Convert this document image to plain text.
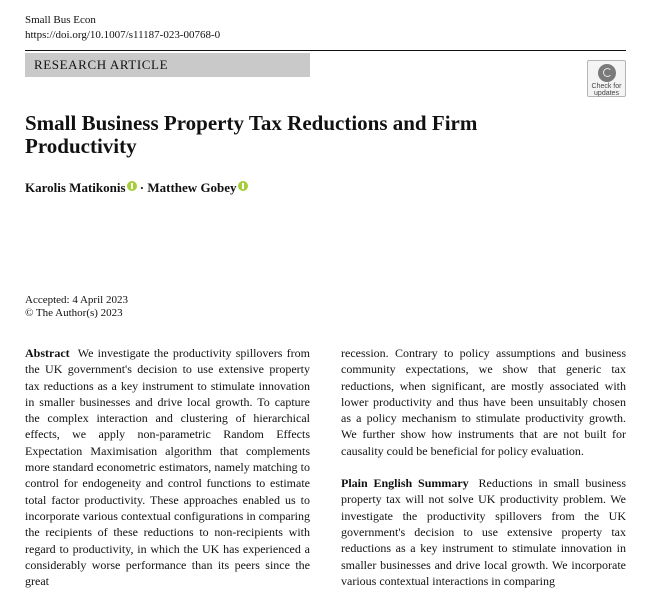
Small Bus Econ
https://doi.org/10.1007/s11187-023-00768-0
RESEARCH ARTICLE
Check for
updates
Small Business Property Tax Reductions and Firm Productivity
Karolis Matikonis · Matthew Gobey
Accepted: 4 April 2023
© The Author(s) 2023

Abstract We investigate the productivity spillovers from the UK government's decision to use extensive property tax reductions as a key instrument to stimulate innovation in smaller businesses and drive local growth. To capture the complex interaction and clustering of hierarchical effects, we apply non-parametric Random Effects Expectation Maximisation algorithm that complements more standard econometric estimators, namely matching to control for endogeneity and control functions to estimate total factor productivity. These approaches enabled us to incorporate various contextual configurations in comparing the recipients of these reductions to non-recipients with regard to productivity, in which the UK has experienced a considerably worse performance than its peers since the great

recession. Contrary to policy assumptions and business community expectations, we show that generic tax reductions, when significant, are mostly associated with lower productivity and thus have been unsuitably chosen as a policy mechanism to stimulate productivity growth. We further show how instruments that are not built for causality could be beneficial for policy evaluation.

Plain English Summary Reductions in small business property tax will not solve UK productivity problem. We investigate the productivity spillovers from the UK government's decision to use extensive property tax reductions as a key instrument to stimulate innovation in smaller businesses and drive local growth. We incorporate various contextual interactions in comparing
